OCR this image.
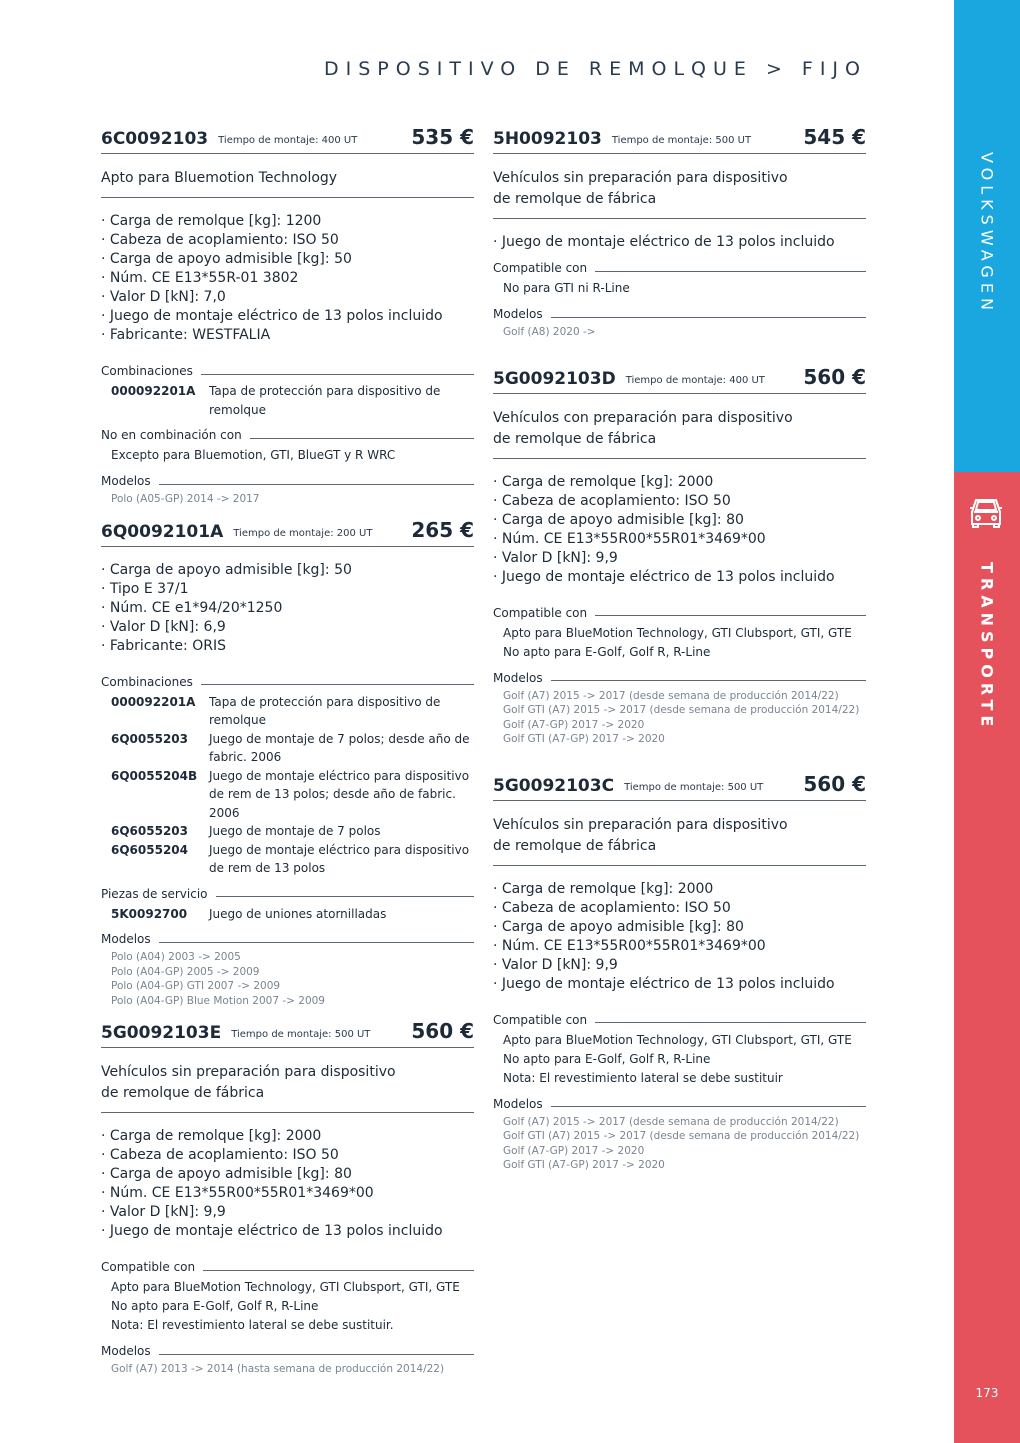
DISPOSITIVO DE REMOLQUE > FIJO
VOLKSWAGEN
TRANSPORTE
173
6C0092103 Tiempo de montaje: 400 UT	535 €
Apto para Bluemotion Technology
· Carga de remolque [kg]: 1200
· Cabeza de acoplamiento: ISO 50
· Carga de apoyo admisible [kg]: 50
· Núm. CE E13*55R-01 3802
· Valor D [kN]: 7,0
· Juego de montaje eléctrico de 13 polos incluido
· Fabricante: WESTFALIA
Combinaciones
000092201A	Tapa de protección para dispositivo de remolque
No en combinación con
Excepto para Bluemotion, GTI, BlueGT y R WRC
Modelos
Polo (A05-GP) 2014 -> 2017
6Q0092101A Tiempo de montaje: 200 UT 265 €
· Carga de apoyo admisible [kg]: 50
· Tipo E 37/1
· Núm. CE e1*94/20*1250
· Valor D [kN]: 6,9
· Fabricante: ORIS
Combinaciones
000092201A	Tapa de protección para dispositivo de remolque
6Q0055203	Juego de montaje de 7 polos; desde año de fabric. 2006
6Q0055204B Juego de montaje eléctrico para dispositivo de rem de 13 polos; desde año de fabric. 2006
6Q6055203	Juego de montaje de 7 polos
6Q6055204	Juego de montaje eléctrico para dispositivo de rem de 13 polos
Piezas de servicio
5K0092700	Juego de uniones atornilladas
Modelos
Polo (A04) 2003 -> 2005
Polo (A04-GP) 2005 -> 2009
Polo (A04-GP) GTI 2007 -> 2009
Polo (A04-GP) Blue Motion 2007 -> 2009
5G0092103E Tiempo de montaje: 500 UT 560 €
Vehículos sin preparación para dispositivo
de remolque de fábrica
· Carga de remolque [kg]: 2000
· Cabeza de acoplamiento: ISO 50
· Carga de apoyo admisible [kg]: 80
· Núm. CE E13*55R00*55R01*3469*00
· Valor D [kN]: 9,9
· Juego de montaje eléctrico de 13 polos incluido
Compatible con
Apto para BlueMotion Technology, GTI Clubsport, GTI, GTE
No apto para E-Golf, Golf R, R-Line
Nota: El revestimiento lateral se debe sustituir.
Modelos
Golf (A7) 2013 -> 2014 (hasta semana de producción 2014/22)
5H0092103 Tiempo de montaje: 500 UT	545 €
Vehículos sin preparación para dispositivo
de remolque de fábrica
· Juego de montaje eléctrico de 13 polos incluido
Compatible con
No para GTI ni R-Line
Modelos
Golf (A8) 2020 ->
5G0092103D Tiempo de montaje: 400 UT 560 €
Vehículos con preparación para dispositivo
de remolque de fábrica
· Carga de remolque [kg]: 2000
· Cabeza de acoplamiento: ISO 50
· Carga de apoyo admisible [kg]: 80
· Núm. CE E13*55R00*55R01*3469*00
· Valor D [kN]: 9,9
· Juego de montaje eléctrico de 13 polos incluido
Compatible con
Apto para BlueMotion Technology, GTI Clubsport, GTI, GTE
No apto para E-Golf, Golf R, R-Line
Modelos
Golf (A7) 2015 -> 2017 (desde semana de producción 2014/22)
Golf GTI (A7) 2015 -> 2017 (desde semana de producción 2014/22)
Golf (A7-GP) 2017 -> 2020
Golf GTI (A7-GP) 2017 -> 2020
5G0092103C Tiempo de montaje: 500 UT 560 €
Vehículos sin preparación para dispositivo
de remolque de fábrica
· Carga de remolque [kg]: 2000
· Cabeza de acoplamiento: ISO 50
· Carga de apoyo admisible [kg]: 80
· Núm. CE E13*55R00*55R01*3469*00
· Valor D [kN]: 9,9
· Juego de montaje eléctrico de 13 polos incluido
Compatible con
Apto para BlueMotion Technology, GTI Clubsport, GTI, GTE
No apto para E-Golf, Golf R, R-Line
Nota: El revestimiento lateral se debe sustituir
Modelos
Golf (A7) 2015 -> 2017 (desde semana de producción 2014/22)
Golf GTI (A7) 2015 -> 2017 (desde semana de producción 2014/22)
Golf (A7-GP) 2017 -> 2020
Golf GTI (A7-GP) 2017 -> 2020
